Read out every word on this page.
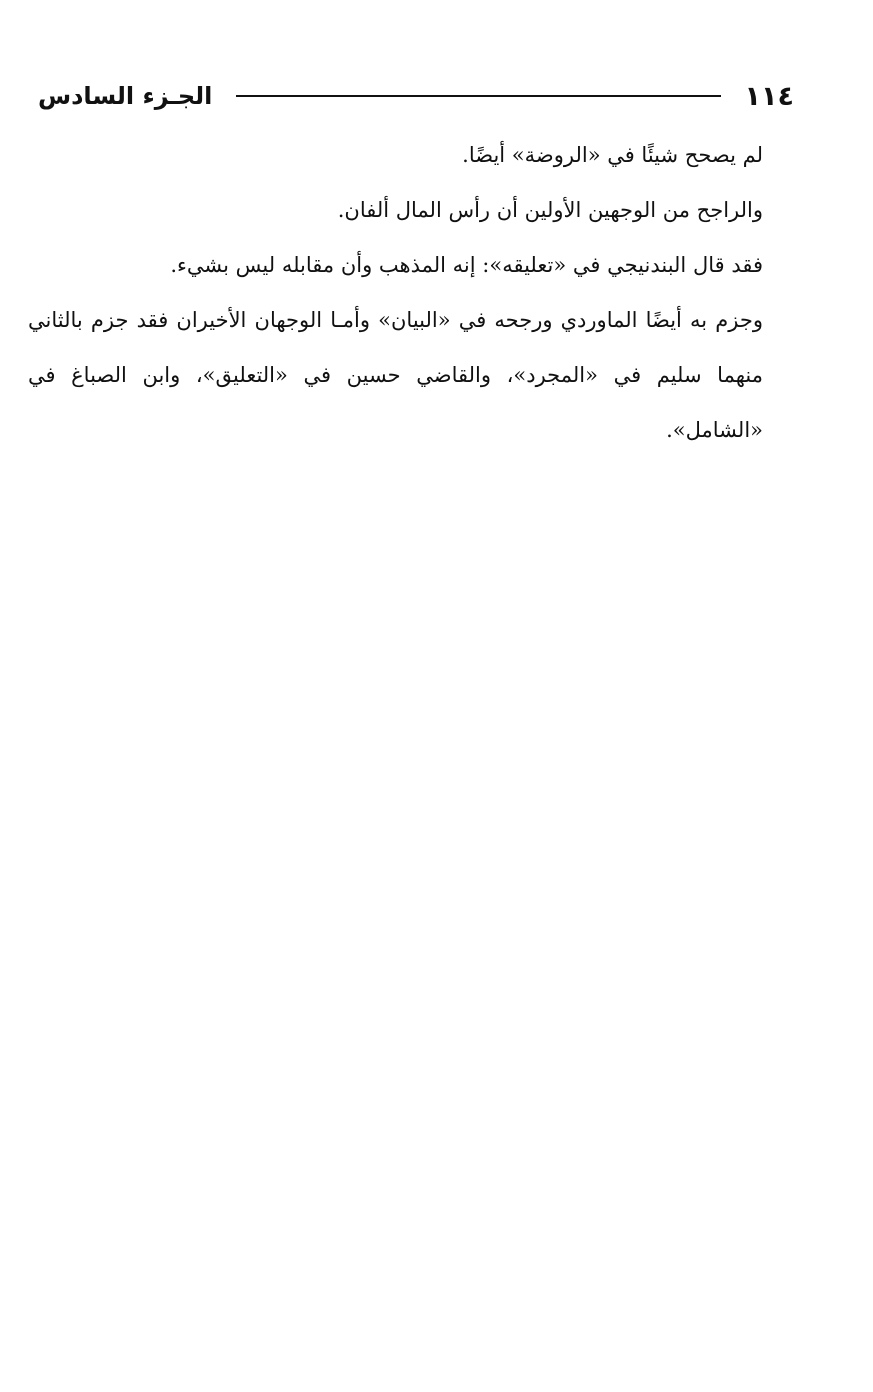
١١٤
الجـزء السادس

لم يصحح شيئًا في «الروضة» أيضًا.

والراجح من الوجهين الأولين أن رأس المال ألفان.

فقد قال البندنيجي في «تعليقه»: إنه المذهب وأن مقابله ليس بشيء.

وجزم به أيضًا الماوردي ورجحه في «البيان» وأمـا الوجهان الأخيران فقد جزم بالثاني منهما سليم في «المجرد»، والقاضي حسين في «التعليق»، وابن الصباغ في «الشامل».
